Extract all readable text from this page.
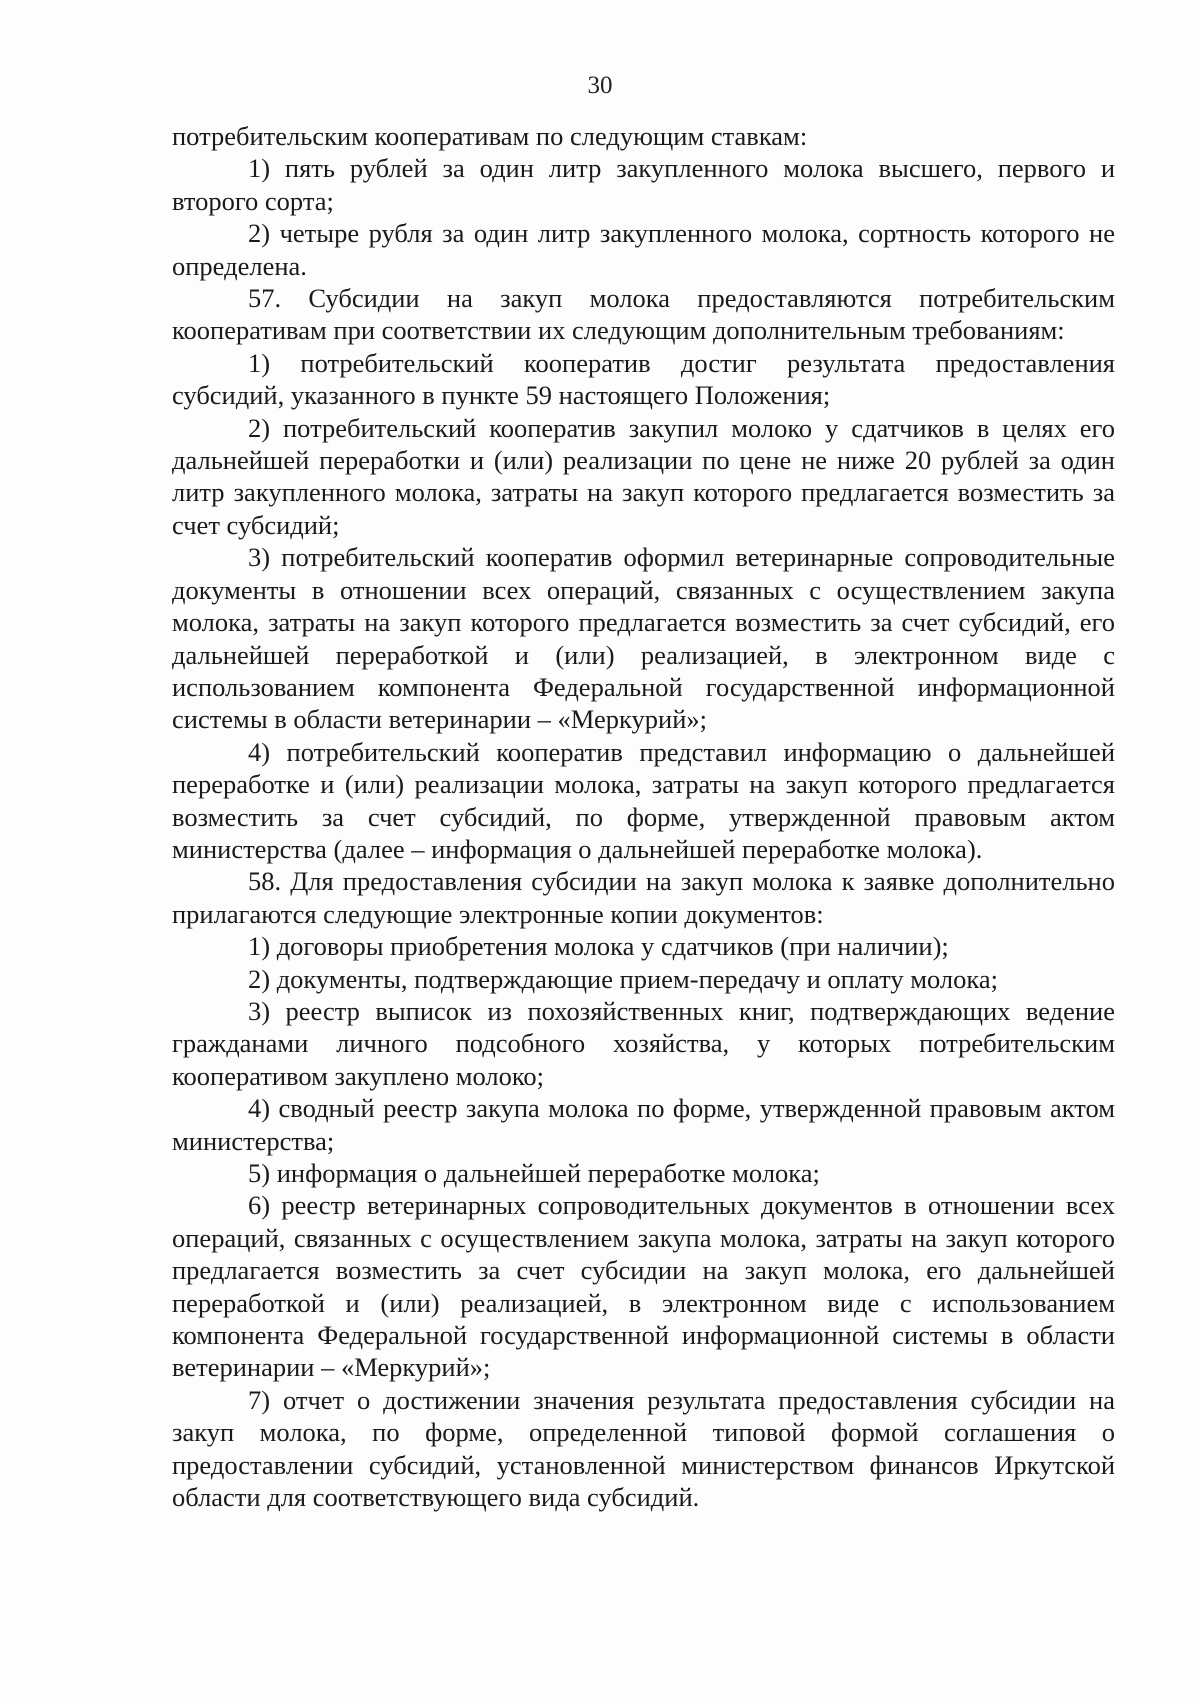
30

потребительским кооперативам по следующим ставкам:

1) пять рублей за один литр закупленного молока высшего, первого и второго сорта;

2) четыре рубля за один литр закупленного молока, сортность которого не определена.

57. Субсидии на закуп молока предоставляются потребительским кооперативам при соответствии их следующим дополнительным требованиям:

1) потребительский кооператив достиг результата предоставления субсидий, указанного в пункте 59 настоящего Положения;

2) потребительский кооператив закупил молоко у сдатчиков в целях его дальнейшей переработки и (или) реализации по цене не ниже 20 рублей за один литр закупленного молока, затраты на закуп которого предлагается возместить за счет субсидий;

3) потребительский кооператив оформил ветеринарные сопроводительные документы в отношении всех операций, связанных с осуществлением закупа молока, затраты на закуп которого предлагается возместить за счет субсидий, его дальнейшей переработкой и (или) реализацией, в электронном виде с использованием компонента Федеральной государственной информационной системы в области ветеринарии – «Меркурий»;

4) потребительский кооператив представил информацию о дальнейшей переработке и (или) реализации молока, затраты на закуп которого предлагается возместить за счет субсидий, по форме, утвержденной правовым актом министерства (далее – информация о дальнейшей переработке молока).

58. Для предоставления субсидии на закуп молока к заявке дополнительно прилагаются следующие электронные копии документов:

1) договоры приобретения молока у сдатчиков (при наличии);

2) документы, подтверждающие прием-передачу и оплату молока;

3) реестр выписок из похозяйственных книг, подтверждающих ведение гражданами личного подсобного хозяйства, у которых потребительским кооперативом закуплено молоко;

4) сводный реестр закупа молока по форме, утвержденной правовым актом министерства;

5) информация о дальнейшей переработке молока;

6) реестр ветеринарных сопроводительных документов в отношении всех операций, связанных с осуществлением закупа молока, затраты на закуп которого предлагается возместить за счет субсидии на закуп молока, его дальнейшей переработкой и (или) реализацией, в электронном виде с использованием компонента Федеральной государственной информационной системы в области ветеринарии – «Меркурий»;

7) отчет о достижении значения результата предоставления субсидии на закуп молока, по форме, определенной типовой формой соглашения о предоставлении субсидий, установленной министерством финансов Иркутской области для соответствующего вида субсидий.
